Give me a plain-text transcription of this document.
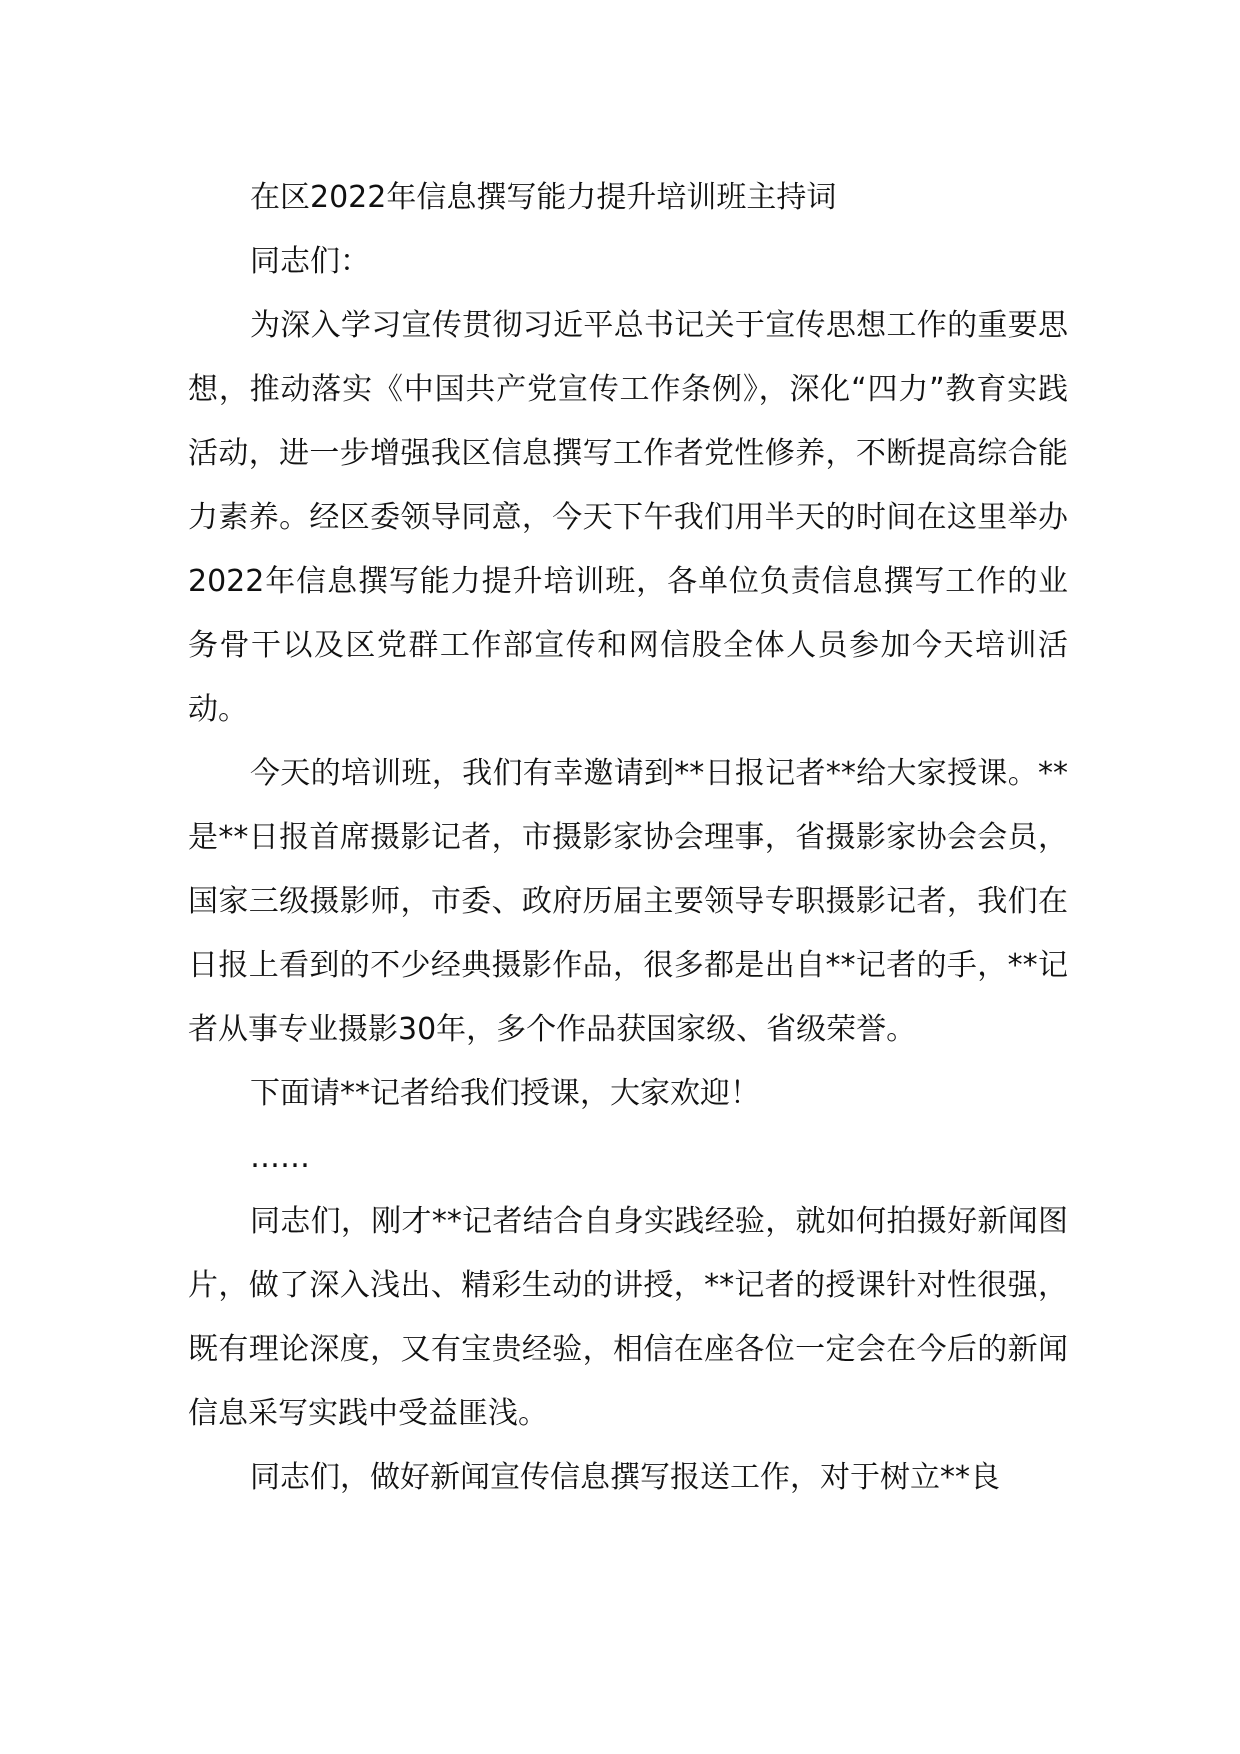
在区2022年信息撰写能力提升培训班主持词

同志们：

为深入学习宣传贯彻习近平总书记关于宣传思想工作的重要思想，推动落实《中国共产党宣传工作条例》，深化“四力”教育实践活动，进一步增强我区信息撰写工作者党性修养，不断提高综合能力素养。经区委领导同意，今天下午我们用半天的时间在这里举办2022年信息撰写能力提升培训班，各单位负责信息撰写工作的业务骨干以及区党群工作部宣传和网信股全体人员参加今天培训活动。

今天的培训班，我们有幸邀请到**日报记者**给大家授课。**是**日报首席摄影记者，市摄影家协会理事，省摄影家协会会员，国家三级摄影师，市委、政府历届主要领导专职摄影记者，我们在日报上看到的不少经典摄影作品，很多都是出自**记者的手，**记者从事专业摄影30年，多个作品获国家级、省级荣誉。

下面请**记者给我们授课，大家欢迎！

……

同志们，刚才**记者结合自身实践经验，就如何拍摄好新闻图片，做了深入浅出、精彩生动的讲授，**记者的授课针对性很强，既有理论深度，又有宝贵经验，相信在座各位一定会在今后的新闻信息采写实践中受益匪浅。

同志们，做好新闻宣传信息撰写报送工作，对于树立**良
